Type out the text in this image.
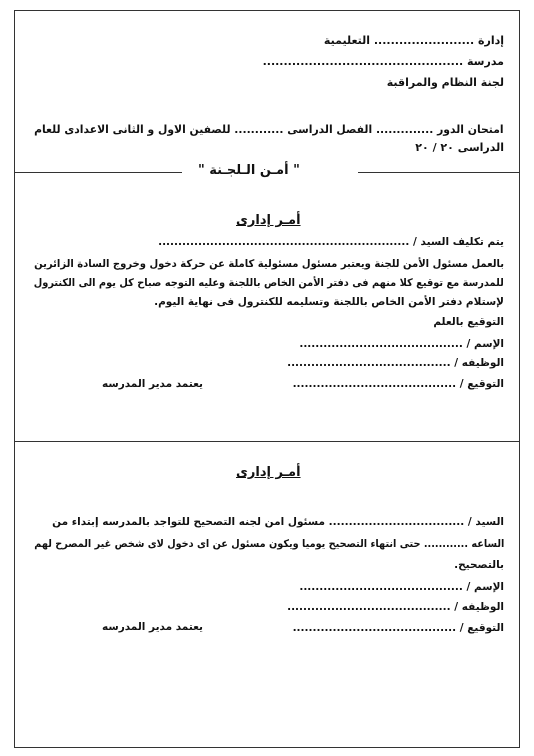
إدارة ........................ التعليمية
مدرسة ................................................
لجنة النظام والمراقبة
امتحان الدور .............. الفصل الدراسى ............ للصفين الاول و الثانى الاعدادى للعام
الدراسى ٢٠ / ٢٠
" أمـن الـلجـنة "
أمـر إدارى
يتم تكليف السيد / ...............................................................
بالعمل مسئول الأمن للجنة ويعتبر مسئول مسئولية كاملة عن حركة دخول وخروج السادة الزائرين
للمدرسة مع توقيع كلا منهم فى دفتر الأمن الخاص باللجنة وعليه التوجه صباح كل يوم الى الكنترول
لإستلام دفتر الأمن الخاص باللجنة وتسليمه للكنترول فى نهاية اليوم.
التوقيع بالعلم
الإسم / .........................................
الوظيفه / .........................................
التوقيع / .........................................
يعتمد مدير المدرسه
أمـر إدارى
السيد / .................................. مسئول امن لجنه التصحيح للتواجد بالمدرسه إبتداء من
الساعه ............ حتى انتهاء التصحيح يوميا ويكون مسئول عن اى دخول لاى شخص غير المصرح لهم
بالتصحيح.
الإسم / .........................................
الوظيفه / .........................................
التوقيع / .........................................
يعتمد مدير المدرسه
